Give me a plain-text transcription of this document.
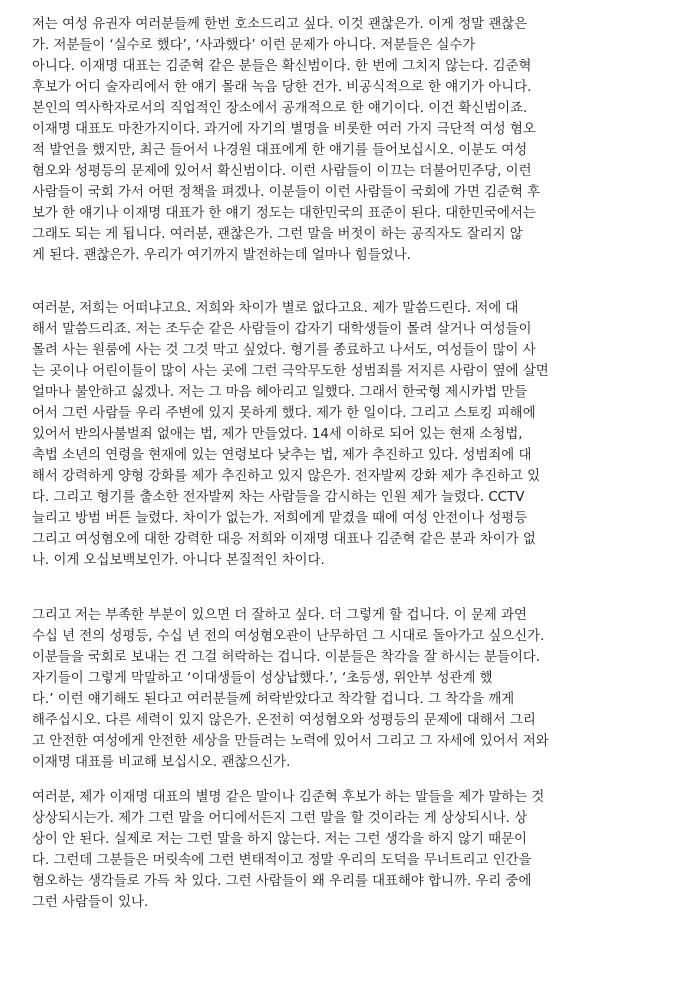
저는 여성 유권자 여러분들께 한번 호소드리고 싶다. 이것 괜찮은가. 이게 정말 괜찮은
가. 저분들이 ‘실수로 했다’, ‘사과했다’ 이런 문제가 아니다. 저분들은 실수가
아니다. 이재명 대표는 김준혁 같은 분들은 확신범이다. 한 번에 그치지 않는다. 김준혁
후보가 어디 술자리에서 한 얘기 몰래 녹음 당한 건가. 비공식적으로 한 얘기가 아니다.
본인의 역사학자로서의 직업적인 장소에서 공개적으로 한 얘기이다. 이건 확신범이죠.
이재명 대표도 마찬가지이다. 과거에 자기의 별명을 비롯한 여러 가지 극단적 여성 혐오
적 발언을 했지만, 최근 들어서 나경원 대표에게 한 얘기를 들어보십시오. 이분도 여성
혐오와 성평등의 문제에 있어서 확신범이다. 이런 사람들이 이끄는 더불어민주당, 이런
사람들이 국회 가서 어떤 정책을 펴겠나. 이분들이 이런 사람들이 국회에 가면 김준혁 후
보가 한 얘기나 이재명 대표가 한 얘기 정도는 대한민국의 표준이 된다. 대한민국에서는
그래도 되는 게 됩니다. 여러분, 괜찮은가. 그런 말을 버젓이 하는 공직자도 잘리지 않
게 된다. 괜찮은가. 우리가 여기까지 발전하는데 얼마나 힘들었나.
여러분, 저희는 어떠냐고요. 저희와 차이가 별로 없다고요. 제가 말씀드린다. 저에 대
해서 말씀드리죠. 저는 조두순 같은 사람들이 갑자기 대학생들이 몰려 살거나 여성들이
몰려 사는 원룸에 사는 것 그것 막고 싶었다. 형기를 종료하고 나서도, 여성들이 많이 사
는 곳이나 어린이들이 많이 사는 곳에 그런 극악무도한 성범죄를 저지른 사람이 옆에 살면
얼마나 불안하고 싫겠나. 저는 그 마음 헤아리고 일했다. 그래서 한국형 제시카법 만들
어서 그런 사람들 우리 주변에 있지 못하게 했다. 제가 한 일이다. 그리고 스토킹 피해에
있어서 반의사불벌죄 없애는 법, 제가 만들었다. 14세 이하로 되어 있는 현재 소청법,
촉법 소년의 연령을 현재에 있는 연령보다 낮추는 법, 제가 추진하고 있다. 성범죄에 대
해서 강력하게 양형 강화를 제가 추진하고 있지 않은가. 전자발찌 강화 제가 추진하고 있
다. 그리고 형기를 출소한 전자발찌 차는 사람들을 감시하는 인원 제가 늘렸다. CCTV
늘리고 방범 버튼 늘렸다. 차이가 없는가. 저희에게 맡겼을 때에 여성 안전이나 성평등
그리고 여성혐오에 대한 강력한 대응 저희와 이재명 대표나 김준혁 같은 분과 차이가 없
나. 이게 오십보백보인가. 아니다 본질적인 차이다.
그리고 저는 부족한 부분이 있으면 더 잘하고 싶다. 더 그렇게 할 겁니다. 이 문제 과연
수십 년 전의 성평등, 수십 년 전의 여성혐오관이 난무하던 그 시대로 돌아가고 싶으신가.
이분들을 국회로 보내는 건 그걸 허락하는 겁니다. 이분들은 착각을 잘 하시는 분들이다.
자기들이 그렇게 막말하고 ‘이대생들이 성상납했다.’, ‘초등생, 위안부 성관계 했
다.’ 이런 얘기해도 된다고 여러분들께 허락받았다고 착각할 겁니다. 그 착각을 깨게
해주십시오. 다른 세력이 있지 않은가. 온전히 여성혐오와 성평등의 문제에 대해서 그리
고 안전한 여성에게 안전한 세상을 만들려는 노력에 있어서 그리고 그 자세에 있어서 저와
이재명 대표를 비교해 보십시오. 괜찮으신가.
여러분, 제가 이재명 대표의 별명 같은 말이나 김준혁 후보가 하는 말들을 제가 말하는 것
상상되시는가. 제가 그런 말을 어디에서든지 그런 말을 할 것이라는 게 상상되시나. 상
상이 안 된다. 실제로 저는 그런 말을 하지 않는다. 저는 그런 생각을 하지 않기 때문이
다. 그런데 그분들은 머릿속에 그런 변태적이고 정말 우리의 도덕을 무너트리고 인간을
혐오하는 생각들로 가득 차 있다. 그런 사람들이 왜 우리를 대표해야 합니까. 우리 중에
그런 사람들이 있나.
